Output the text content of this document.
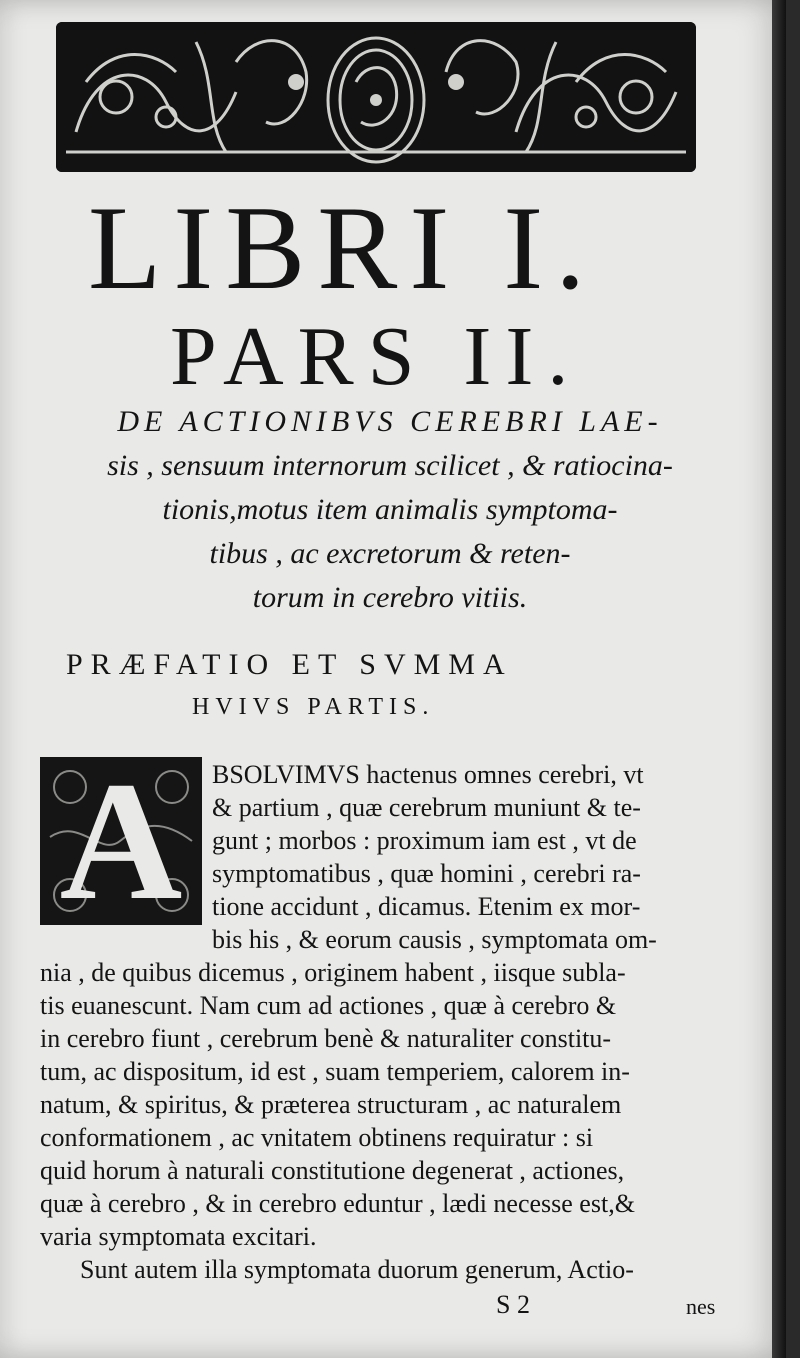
LIBRI I.
PARS II.
DE ACTIONIBVS CEREBRI LAE-
sis , sensuum internorum scilicet , & ratiocina-
tionis,motus item animalis symptoma-
tibus , ac excretorum & reten-
torum in cerebro vitiis.
PRÆFATIO ET SVMMA
HVIVS PARTIS.
A	BSOLVIMVS hactenus omnes cerebri, vt
& partium , quæ cerebrum muniunt & te-
gunt ; morbos : proximum iam est , vt de
symptomatibus , quæ homini , cerebri ra-
tione accidunt , dicamus. Etenim ex mor-
bis his , & eorum causis , symptomata om-
nia , de quibus dicemus , originem habent , iisque subla-
tis euanescunt. Nam cum ad actiones , quæ à cerebro &
in cerebro fiunt , cerebrum benè & naturaliter constitu-
tum, ac dispositum, id est , suam temperiem, calorem in-
natum, & spiritus, & præterea structuram , ac naturalem
conformationem , ac vnitatem obtinens requiratur : si
quid horum à naturali constitutione degenerat , actiones,
quæ à cerebro , & in cerebro eduntur , lædi necesse est,&
varia symptomata excitari.
Sunt autem illa symptomata duorum generum, Actio-
S 2	nes
